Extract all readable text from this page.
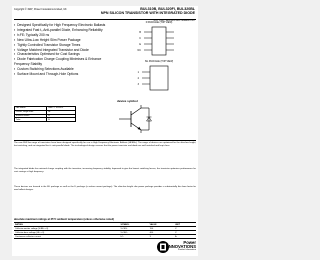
Copyright © 1997, Power Innovations Limited, UK	BUL310B, BUL320FI, BUL320BL
NPN SILICON TRANSISTOR WITH INTEGRATED DIODE
JULY 1996 - REVISED SEPTEMBER 1997
▪ Designed Specifically for High Frequency Electronic Ballasts
▪ Integrated Fast t₀ Anti-parallel Diode, Enhancing Reliability
▪ h₍FE₎ Typically 200 ns
▪ New Ultra-Low Height Slim Power Package
▪ Tightly Controlled Transistor Storage Times
▪ Voltage Matched Integrated Transistor and Diode
▪ Characteristics Optimised for Cost Savings
▪ Diode Fabrication Charge Coupling Minimises & Enhance Frequency Stability
▪ Custom Switching Selections Available
▪ Surface Mount and Through-Hole Options
D PACKAGE (TOP VIEW)
B
C
E
NC
SIL PACKAGE (TOP VIEW)
1
2
3
device symbol
PACKAGE	PART # SUFFIX
Plastic, single form	BL
Surface mount	FI
Tube	B
The new BUL3xx range of transistors have been designed specifically for use in High Frequency Electronic Ballasts (HFEBs). The range of devices are optimised for the ultra-low height, fast switching, and an integrated fast t₀ anti-parallel diode. The technological design ensures that the power transistor and diode are well matched and kept close.
The integrated diode has minimal charge coupling with the transistor, increasing frequency stability. Improved to give the lowest switching losses, the transistor optimises performance for cost savings at high frequency.
These devices are housed in the SIL package as well as the D package (a surface mount package). The ultra-low height slim power package provides a substantially thin form factor for new ballast designs.
absolute maximum ratings at 25°C ambient temperature (unless otherwise noted)
RATING	SYMBOL	VALUE	UNIT
Collector-emitter voltage (V₍BE₎ = 0)	V₍CES₎	700	V
Collector-base voltage (I₍E₎ = 0)	V₍CBO₎	400	V
Continuous collector current	I₍C₎	3	A
Power
INNOVATIONS
Product Information
